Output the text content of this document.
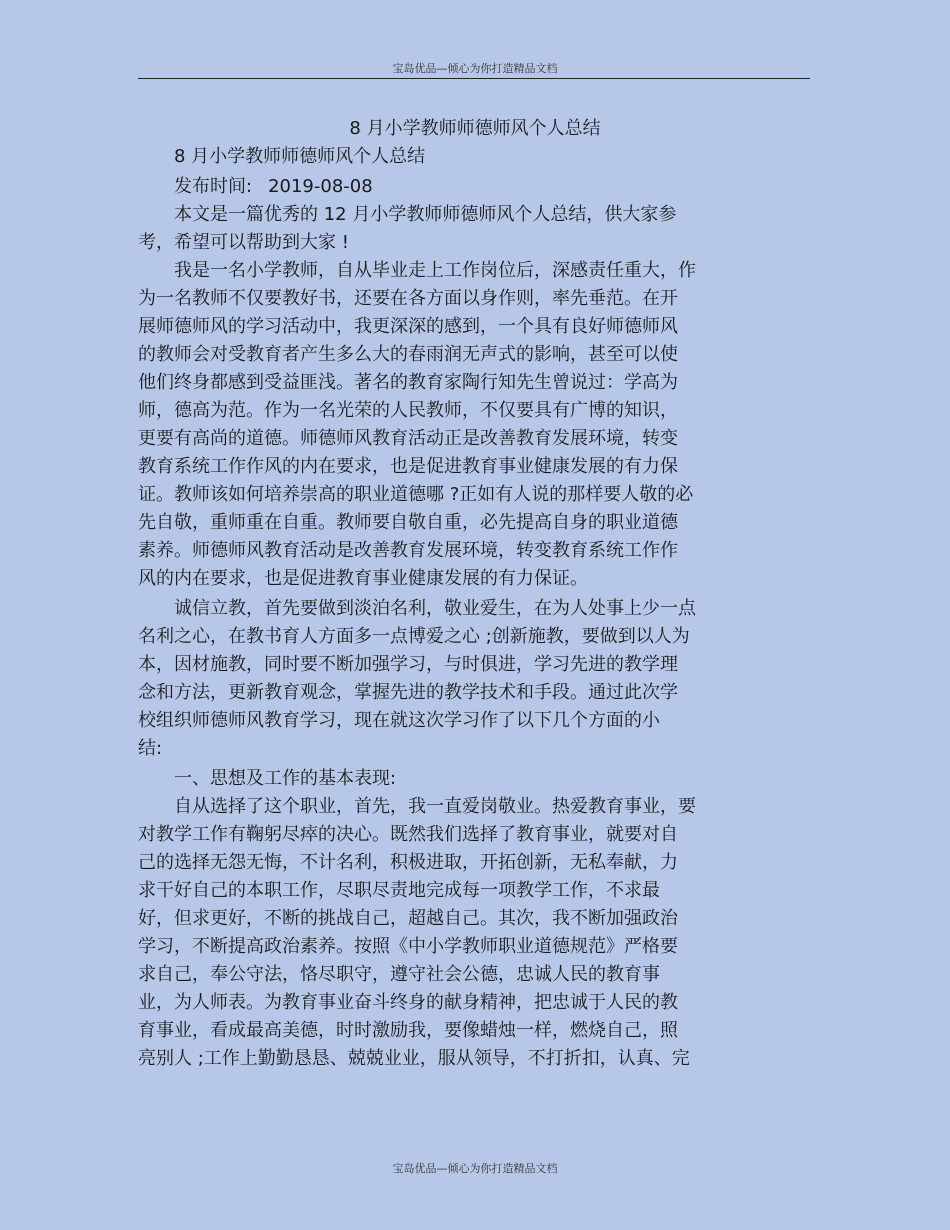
宝岛优品—倾心为你打造精品文档
8 月小学教师师德师风个人总结
8 月小学教师师德师风个人总结
发布时间: 2019-08-08
本文是一篇优秀的 12 月小学教师师德师风个人总结，供大家参
考，希望可以帮助到大家 !
我是一名小学教师，自从毕业走上工作岗位后，深感责任重大，作
为一名教师不仅要教好书，还要在各方面以身作则，率先垂范。在开
展师德师风的学习活动中，我更深深的感到，一个具有良好师德师风
的教师会对受教育者产生多么大的春雨润无声式的影响，甚至可以使
他们终身都感到受益匪浅。著名的教育家陶行知先生曾说过：学高为
师，德高为范。作为一名光荣的人民教师，不仅要具有广博的知识，
更要有高尚的道德。师德师风教育活动正是改善教育发展环境，转变
教育系统工作作风的内在要求，也是促进教育事业健康发展的有力保
证。教师该如何培养崇高的职业道德哪 ?正如有人说的那样要人敬的必
先自敬，重师重在自重。教师要自敬自重，必先提高自身的职业道德
素养。师德师风教育活动是改善教育发展环境，转变教育系统工作作
风的内在要求，也是促进教育事业健康发展的有力保证。
诚信立教，首先要做到淡泊名利，敬业爱生，在为人处事上少一点
名利之心，在教书育人方面多一点博爱之心 ;创新施教，要做到以人为
本，因材施教，同时要不断加强学习，与时俱进，学习先进的教学理
念和方法，更新教育观念，掌握先进的教学技术和手段。通过此次学
校组织师德师风教育学习，现在就这次学习作了以下几个方面的小
结:
一、思想及工作的基本表现:
自从选择了这个职业，首先，我一直爱岗敬业。热爱教育事业，要
对教学工作有鞠躬尽瘁的决心。既然我们选择了教育事业，就要对自
己的选择无怨无悔，不计名利，积极进取，开拓创新，无私奉献，力
求干好自己的本职工作，尽职尽责地完成每一项教学工作，不求最
好，但求更好，不断的挑战自己，超越自己。其次，我不断加强政治
学习，不断提高政治素养。按照《中小学教师职业道德规范》严格要
求自己，奉公守法，恪尽职守，遵守社会公德，忠诚人民的教育事
业，为人师表。为教育事业奋斗终身的献身精神，把忠诚于人民的教
育事业，看成最高美德，时时激励我，要像蜡烛一样，燃烧自己，照
亮别人 ;工作上勤勤恳恳、兢兢业业，服从领导，不打折扣，认真、完
宝岛优品—倾心为你打造精品文档
